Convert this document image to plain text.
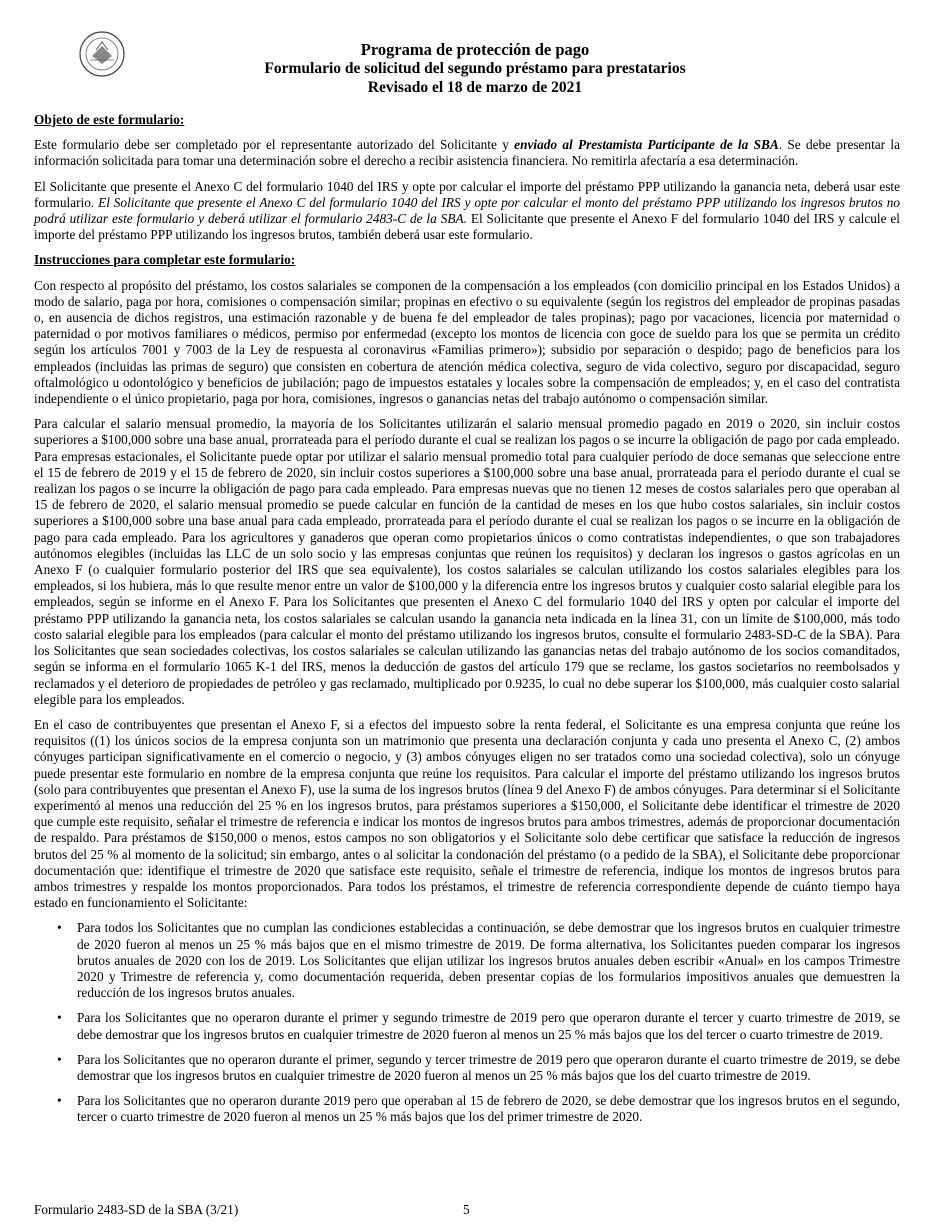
Programa de protección de pago
Formulario de solicitud del segundo préstamo para prestatarios
Revisado el 18 de marzo de 2021
Objeto de este formulario:

Este formulario debe ser completado por el representante autorizado del Solicitante y enviado al Prestamista Participante de la SBA. Se debe presentar la información solicitada para tomar una determinación sobre el derecho a recibir asistencia financiera. No remitirla afectaría a esa determinación.

El Solicitante que presente el Anexo C del formulario 1040 del IRS y opte por calcular el importe del préstamo PPP utilizando la ganancia neta, deberá usar este formulario. El Solicitante que presente el Anexo C del formulario 1040 del IRS y opte por calcular el monto del préstamo PPP utilizando los ingresos brutos no podrá utilizar este formulario y deberá utilizar el formulario 2483-C de la SBA. El Solicitante que presente el Anexo F del formulario 1040 del IRS y calcule el importe del préstamo PPP utilizando los ingresos brutos, también deberá usar este formulario.

Instrucciones para completar este formulario:

Con respecto al propósito del préstamo, los costos salariales se componen de la compensación a los empleados (con domicilio principal en los Estados Unidos) a modo de salario, paga por hora, comisiones o compensación similar; propinas en efectivo o su equivalente (según los registros del empleador de propinas pasadas o, en ausencia de dichos registros, una estimación razonable y de buena fe del empleador de tales propinas); pago por vacaciones, licencia por maternidad o paternidad o por motivos familiares o médicos, permiso por enfermedad (excepto los montos de licencia con goce de sueldo para los que se permita un crédito según los artículos 7001 y 7003 de la Ley de respuesta al coronavirus «Familias primero»); subsidio por separación o despido; pago de beneficios para los empleados (incluidas las primas de seguro) que consisten en cobertura de atención médica colectiva, seguro de vida colectivo, seguro por discapacidad, seguro oftalmológico u odontológico y beneficios de jubilación; pago de impuestos estatales y locales sobre la compensación de empleados; y, en el caso del contratista independiente o el único propietario, paga por hora, comisiones, ingresos o ganancias netas del trabajo autónomo o compensación similar.

Para calcular el salario mensual promedio, la mayoría de los Solicitantes utilizarán el salario mensual promedio pagado en 2019 o 2020, sin incluir costos superiores a $100,000 sobre una base anual, prorrateada para el período durante el cual se realizan los pagos o se incurre la obligación de pago por cada empleado. Para empresas estacionales, el Solicitante puede optar por utilizar el salario mensual promedio total para cualquier período de doce semanas que seleccione entre el 15 de febrero de 2019 y el 15 de febrero de 2020, sin incluir costos superiores a $100,000 sobre una base anual, prorrateada para el período durante el cual se realizan los pagos o se incurre la obligación de pago para cada empleado. Para empresas nuevas que no tienen 12 meses de costos salariales pero que operaban al 15 de febrero de 2020, el salario mensual promedio se puede calcular en función de la cantidad de meses en los que hubo costos salariales, sin incluir costos superiores a $100,000 sobre una base anual para cada empleado, prorrateada para el período durante el cual se realizan los pagos o se incurre en la obligación de pago para cada empleado. Para los agricultores y ganaderos que operan como propietarios únicos o como contratistas independientes, o que son trabajadores autónomos elegibles (incluidas las LLC de un solo socio y las empresas conjuntas que reúnen los requisitos) y declaran los ingresos o gastos agrícolas en un Anexo F (o cualquier formulario posterior del IRS que sea equivalente), los costos salariales se calculan utilizando los costos salariales elegibles para los empleados, si los hubiera, más lo que resulte menor entre un valor de $100,000 y la diferencia entre los ingresos brutos y cualquier costo salarial elegible para los empleados, según se informe en el Anexo F. Para los Solicitantes que presenten el Anexo C del formulario 1040 del IRS y opten por calcular el importe del préstamo PPP utilizando la ganancia neta, los costos salariales se calculan usando la ganancia neta indicada en la línea 31, con un límite de $100,000, más todo costo salarial elegible para los empleados (para calcular el monto del préstamo utilizando los ingresos brutos, consulte el formulario 2483-SD-C de la SBA). Para los Solicitantes que sean sociedades colectivas, los costos salariales se calculan utilizando las ganancias netas del trabajo autónomo de los socios comanditados, según se informa en el formulario 1065 K-1 del IRS, menos la deducción de gastos del artículo 179 que se reclame, los gastos societarios no reembolsados y reclamados y el deterioro de propiedades de petróleo y gas reclamado, multiplicado por 0.9235, lo cual no debe superar los $100,000, más cualquier costo salarial elegible para los empleados.

En el caso de contribuyentes que presentan el Anexo F, si a efectos del impuesto sobre la renta federal, el Solicitante es una empresa conjunta que reúne los requisitos ((1) los únicos socios de la empresa conjunta son un matrimonio que presenta una declaración conjunta y cada uno presenta el Anexo C, (2) ambos cónyuges participan significativamente en el comercio o negocio, y (3) ambos cónyuges eligen no ser tratados como una sociedad colectiva), solo un cónyuge puede presentar este formulario en nombre de la empresa conjunta que reúne los requisitos. Para calcular el importe del préstamo utilizando los ingresos brutos (solo para contribuyentes que presentan el Anexo F), use la suma de los ingresos brutos (línea 9 del Anexo F) de ambos cónyuges. Para determinar si el Solicitante experimentó al menos una reducción del 25 % en los ingresos brutos, para préstamos superiores a $150,000, el Solicitante debe identificar el trimestre de 2020 que cumple este requisito, señalar el trimestre de referencia e indicar los montos de ingresos brutos para ambos trimestres, además de proporcionar documentación de respaldo. Para préstamos de $150,000 o menos, estos campos no son obligatorios y el Solicitante solo debe certificar que satisface la reducción de ingresos brutos del 25 % al momento de la solicitud; sin embargo, antes o al solicitar la condonación del préstamo (o a pedido de la SBA), el Solicitante debe proporcionar documentación que: identifique el trimestre de 2020 que satisface este requisito, señale el trimestre de referencia, indique los montos de ingresos brutos para ambos trimestres y respalde los montos proporcionados. Para todos los préstamos, el trimestre de referencia correspondiente depende de cuánto tiempo haya estado en funcionamiento el Solicitante:

• Para todos los Solicitantes que no cumplan las condiciones establecidas a continuación, se debe demostrar que los ingresos brutos en cualquier trimestre de 2020 fueron al menos un 25 % más bajos que en el mismo trimestre de 2019. De forma alternativa, los Solicitantes pueden comparar los ingresos brutos anuales de 2020 con los de 2019. Los Solicitantes que elijan utilizar los ingresos brutos anuales deben escribir «Anual» en los campos Trimestre 2020 y Trimestre de referencia y, como documentación requerida, deben presentar copias de los formularios impositivos anuales que demuestren la reducción de los ingresos brutos anuales.
• Para los Solicitantes que no operaron durante el primer y segundo trimestre de 2019 pero que operaron durante el tercer y cuarto trimestre de 2019, se debe demostrar que los ingresos brutos en cualquier trimestre de 2020 fueron al menos un 25 % más bajos que los del tercer o cuarto trimestre de 2019.
• Para los Solicitantes que no operaron durante el primer, segundo y tercer trimestre de 2019 pero que operaron durante el cuarto trimestre de 2019, se debe demostrar que los ingresos brutos en cualquier trimestre de 2020 fueron al menos un 25 % más bajos que los del cuarto trimestre de 2019.
• Para los Solicitantes que no operaron durante 2019 pero que operaban al 15 de febrero de 2020, se debe demostrar que los ingresos brutos en el segundo, tercer o cuarto trimestre de 2020 fueron al menos un 25 % más bajos que los del primer trimestre de 2020.
Formulario 2483-SD de la SBA (3/21)	5
